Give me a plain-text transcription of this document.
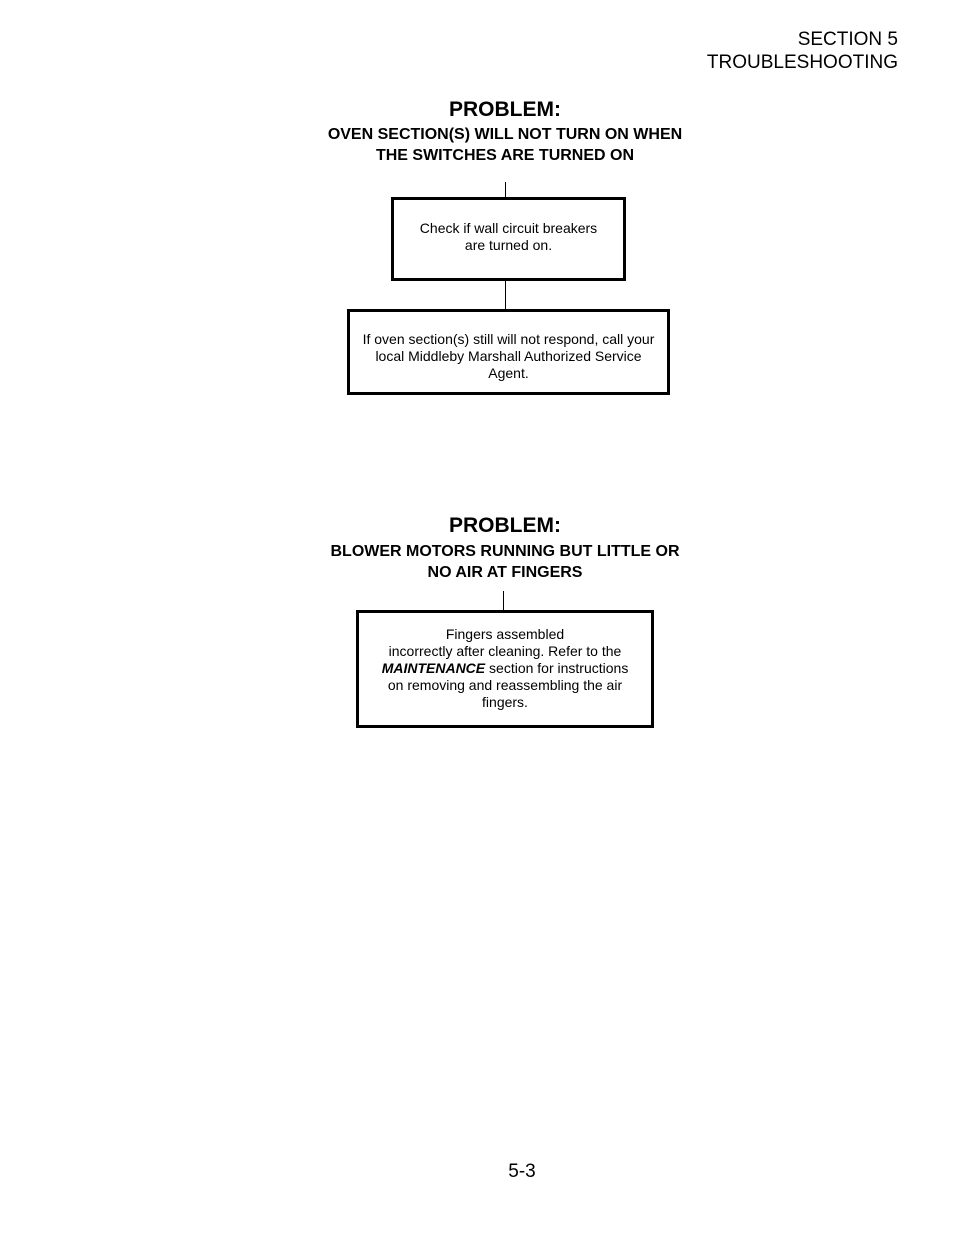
SECTION 5
TROUBLESHOOTING
PROBLEM:
OVEN SECTION(S) WILL NOT TURN ON WHEN
THE SWITCHES ARE TURNED ON
Check if wall circuit breakers
are turned on.
If oven section(s) still will not respond, call your
local Middleby Marshall Authorized Service
Agent.
PROBLEM:
BLOWER MOTORS RUNNING BUT LITTLE OR
NO AIR AT FINGERS
Fingers assembled
incorrectly after cleaning. Refer to the
MAINTENANCE section for instructions
on removing and reassembling the air
fingers.
5-3
